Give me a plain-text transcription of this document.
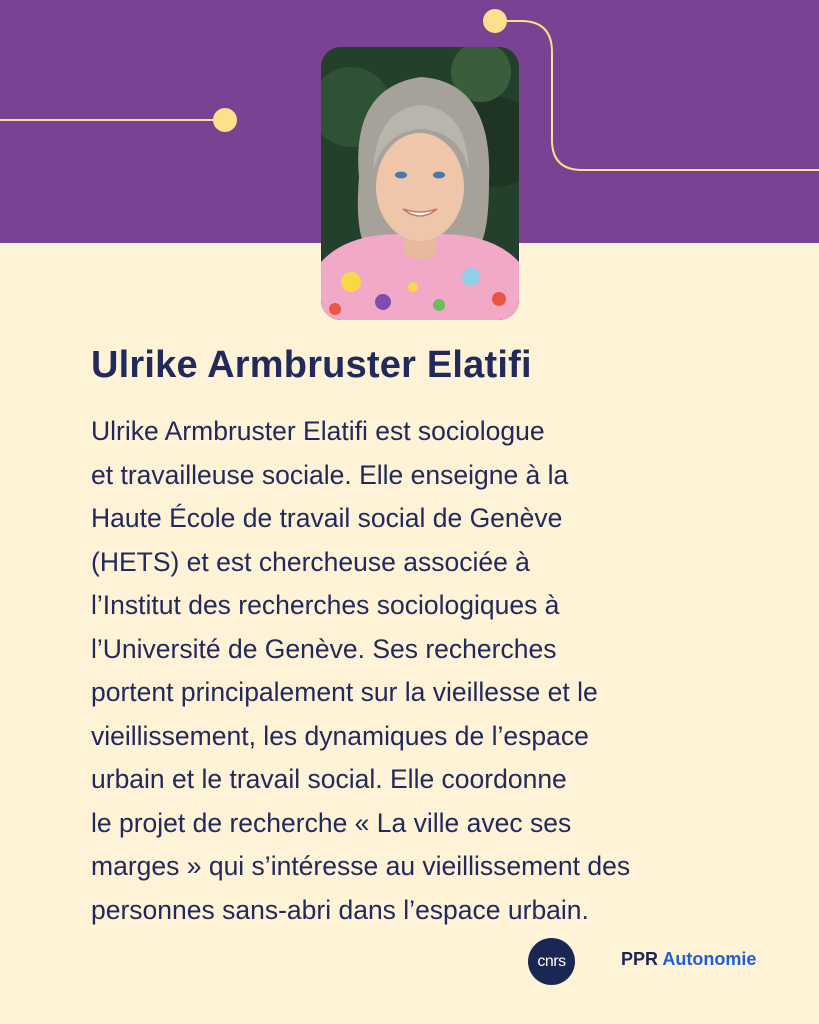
Ulrike Armbruster Elatifi

Ulrike Armbruster Elatifi est sociologue
et travailleuse sociale. Elle enseigne à la
Haute École de travail social de Genève
(HETS) et est chercheuse associée à
l’Institut des recherches sociologiques à
l’Université de Genève. Ses recherches
portent principalement sur la vieillesse et le
vieillissement, les dynamiques de l’espace
urbain et le travail social. Elle coordonne
le projet de recherche « La ville avec ses
marges » qui s’intéresse au vieillissement des
personnes sans-abri dans l’espace urbain.

cnrs	PPR Autonomie
